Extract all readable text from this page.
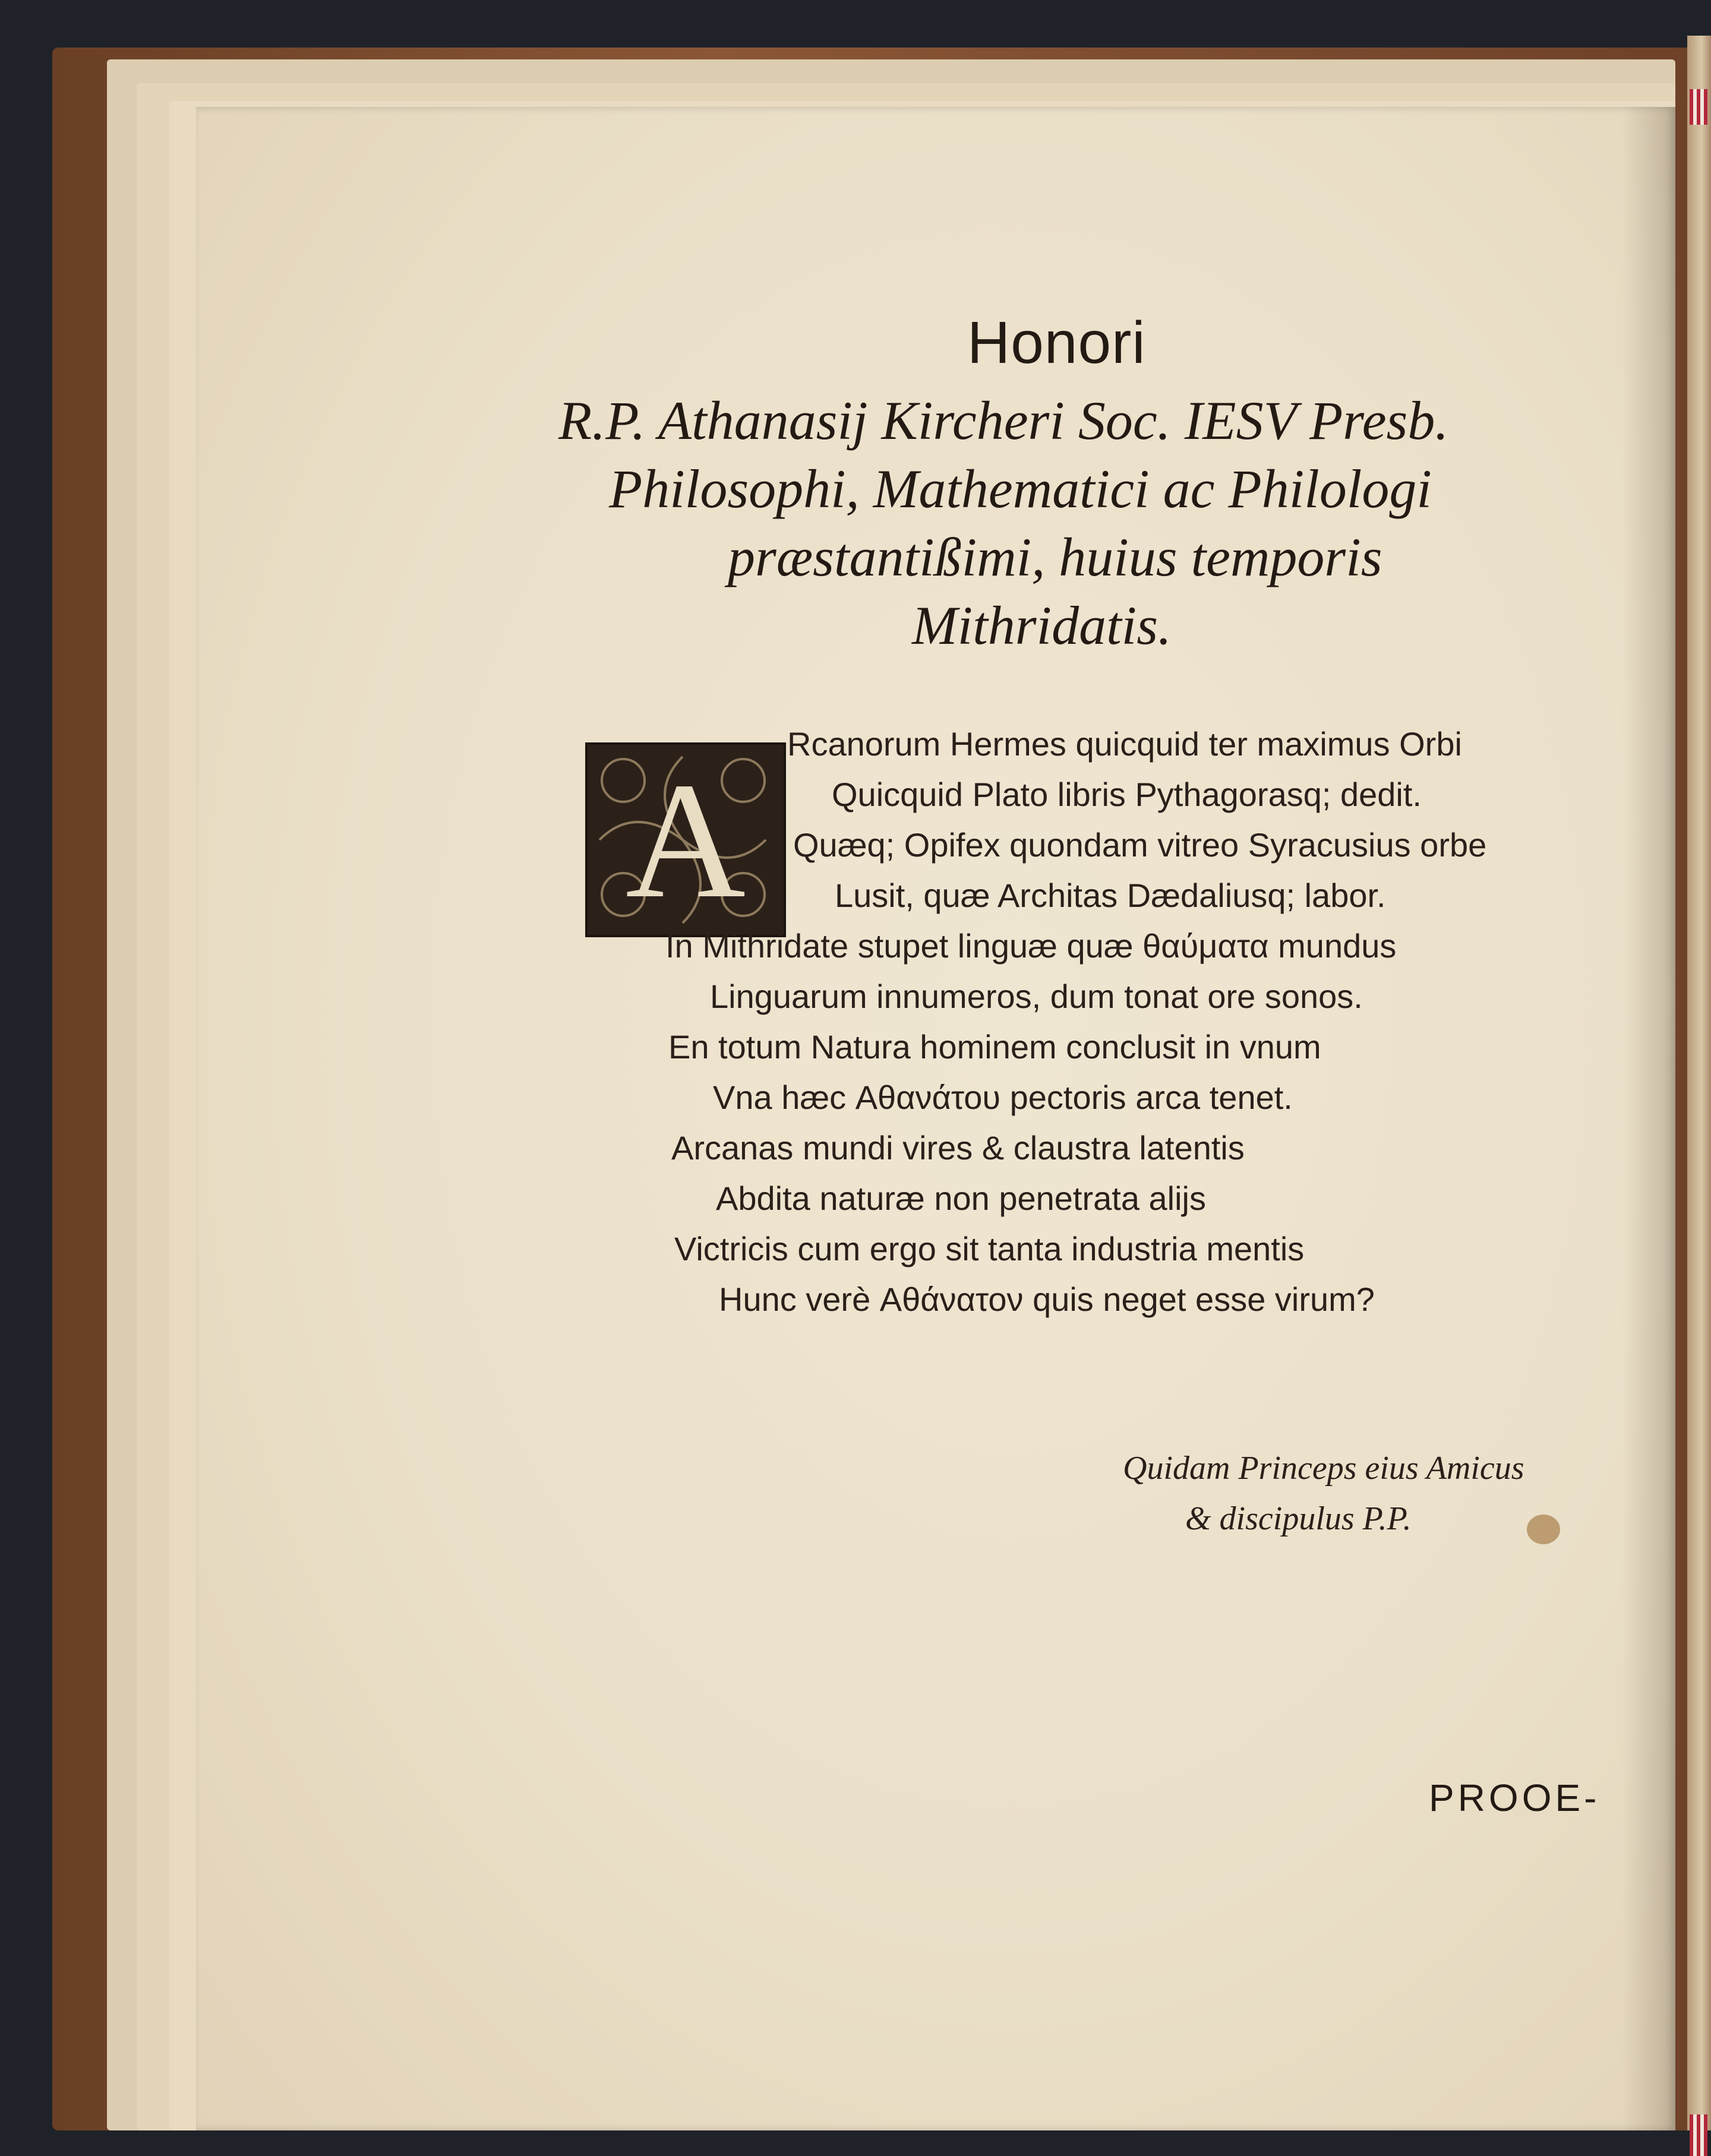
Honori
R.P. Athanasij Kircheri Soc. IESV Presb.
Philosophi, Mathematici ac Philologi
præstantißimi, huius temporis
Mithridatis.
A
Rcanorum Hermes quicquid ter maximus Orbi
Quicquid Plato libris Pythagorasq; dedit.
Quæq; Opifex quondam vitreo Syracusius orbe
Lusit, quæ Architas Dædaliusq; labor.
In Mithridate stupet linguæ quæ θαύματα mundus
Linguarum innumeros, dum tonat ore sonos.
En totum Natura hominem conclusit in vnum
Vna hæc Αθανάτου pectoris arca tenet.
Arcanas mundi vires & claustra latentis
Abdita naturæ non penetrata alijs
Victricis cum ergo sit tanta industria mentis
Hunc verè Αθάνατον quis neget esse virum?
Quidam Princeps eius Amicus
& discipulus P.P.
PROOE-
